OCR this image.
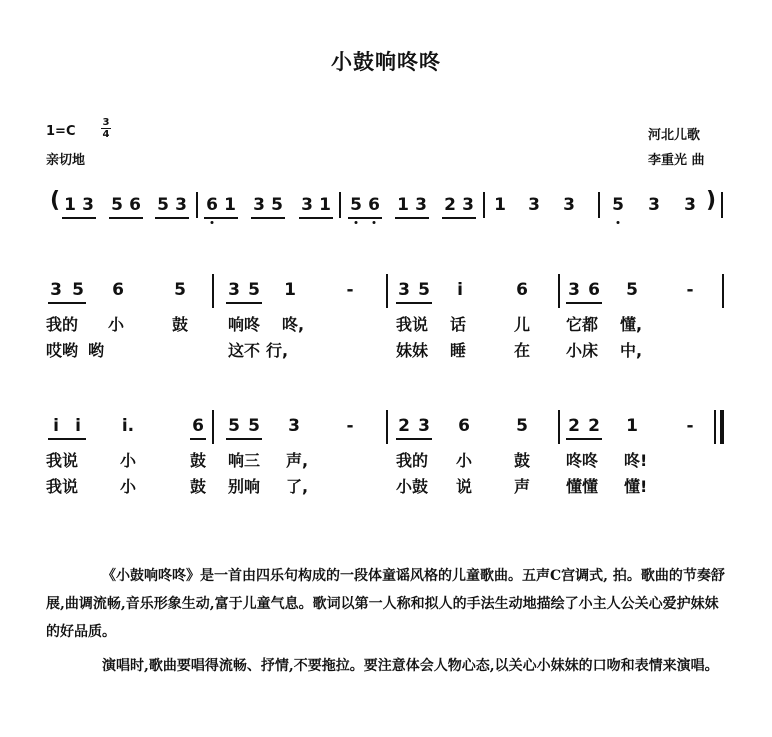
小鼓响咚咚
1=C
3
4
亲切地
河北儿歌
李重光 曲
(	)
1 3 5 6 5 3 6 1 3 5 3 1 5 6 1 3 2 3 1 3 3 5 3 3
3 5 6	5 3 5 1	-	3 5	i	6 3 6 5	-
我的 小	鼓 响咚 咚,	我说 话	儿 它都 懂,
哎哟 哟	这不 行,	妹妹 睡	在 小床 中,
i i	i.	6 5 5 3	-	2 3 6	5 2 2 1	-
我说	小	鼓 响三 声,	我的 小	鼓 咚咚 咚!
我说	小	鼓 别响 了,	小鼓 说	声 懂懂 懂!
《小鼓响咚咚》是一首由四乐句构成的一段体童谣风格的儿童歌曲。五声C宫调式, 拍。歌曲的节奏舒展,曲调流畅,音乐形象生动,富于儿童气息。歌词以第一人称和拟人的手法生动地描绘了小主人公关心爱护妹妹的好品质。
演唱时,歌曲要唱得流畅、抒情,不要拖拉。要注意体会人物心态,以关心小妹妹的口吻和表情来演唱。
